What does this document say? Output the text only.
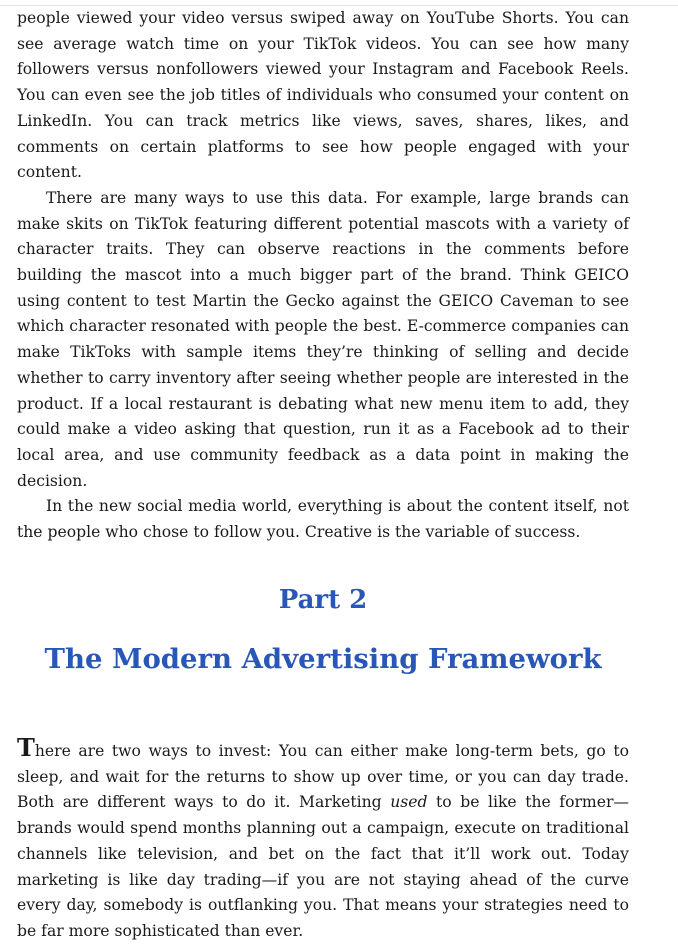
people viewed your video versus swiped away on YouTube Shorts. You can see average watch time on your TikTok videos. You can see how many followers versus nonfollowers viewed your Instagram and Facebook Reels. You can even see the job titles of individuals who consumed your content on LinkedIn. You can track metrics like views, saves, shares, likes, and comments on certain platforms to see how people engaged with your content.

There are many ways to use this data. For example, large brands can make skits on TikTok featuring different potential mascots with a variety of character traits. They can observe reactions in the comments before building the mascot into a much bigger part of the brand. Think GEICO using content to test Martin the Gecko against the GEICO Caveman to see which character resonated with people the best. E-commerce companies can make TikToks with sample items they’re thinking of selling and decide whether to carry inventory after seeing whether people are interested in the product. If a local restaurant is debating what new menu item to add, they could make a video asking that question, run it as a Facebook ad to their local area, and use community feedback as a data point in making the decision.

In the new social media world, everything is about the content itself, not the people who chose to follow you. Creative is the variable of success.

Part 2
The Modern Advertising Framework

There are two ways to invest: You can either make long-term bets, go to sleep, and wait for the returns to show up over time, or you can day trade. Both are different ways to do it. Marketing used to be like the former—brands would spend months planning out a campaign, execute on traditional channels like television, and bet on the fact that it’ll work out. Today marketing is like day trading—if you are not staying ahead of the curve every day, somebody is outflanking you. That means your strategies need to be far more sophisticated than ever.
